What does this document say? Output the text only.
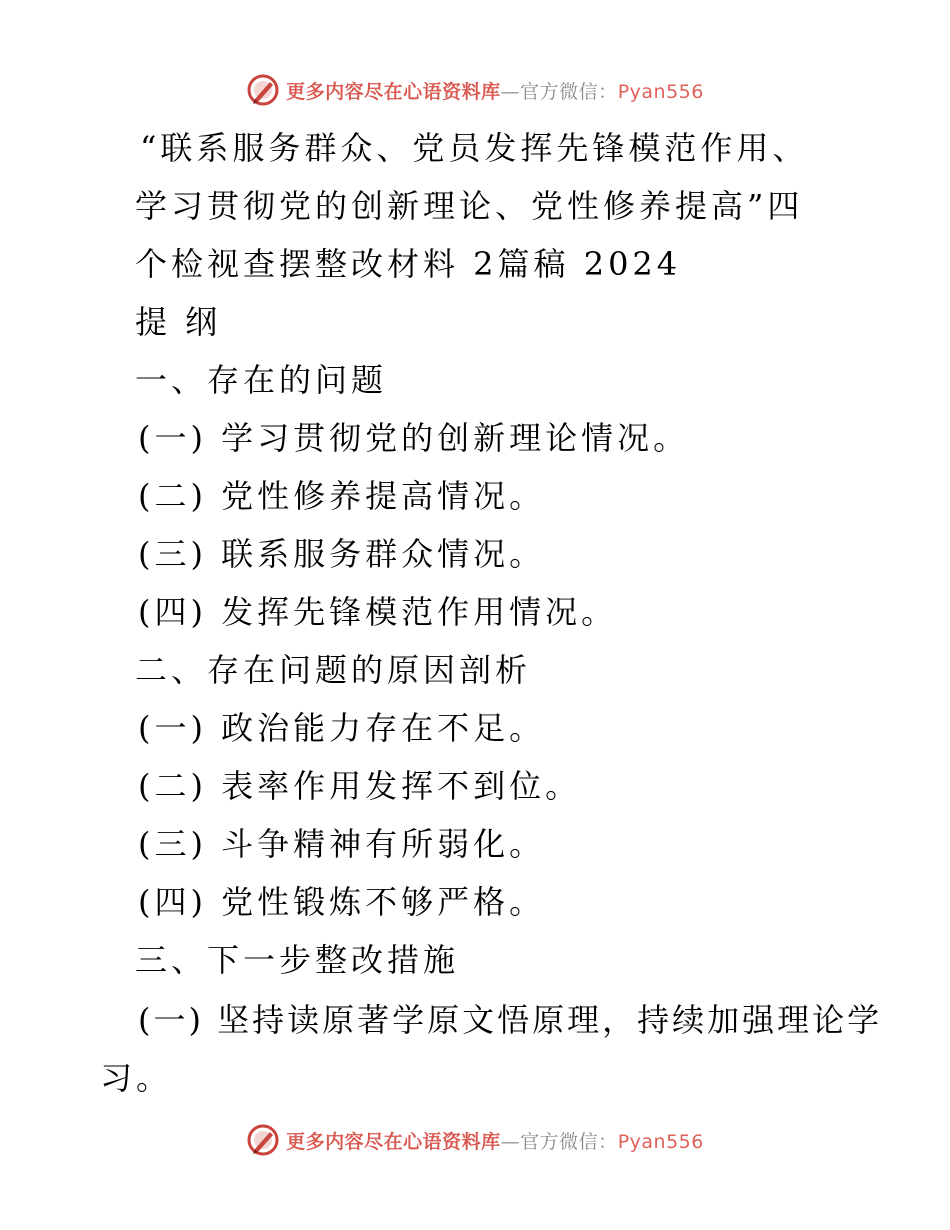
更多内容尽在心语资料库—官方微信：Pyan556
“联系服务群众、党员发挥先锋模范作用、
学习贯彻党的创新理论、党性修养提高”四
个检视查摆整改材料 2篇稿 2024
提 纲
一、存在的问题
(一) 学习贯彻党的创新理论情况。
(二) 党性修养提高情况。
(三) 联系服务群众情况。
(四) 发挥先锋模范作用情况。
二、存在问题的原因剖析
(一) 政治能力存在不足。
(二) 表率作用发挥不到位。
(三) 斗争精神有所弱化。
(四) 党性锻炼不够严格。
三、下一步整改措施
(一) 坚持读原著学原文悟原理，持续加强理论学
习。
更多内容尽在心语资料库—官方微信：Pyan556
